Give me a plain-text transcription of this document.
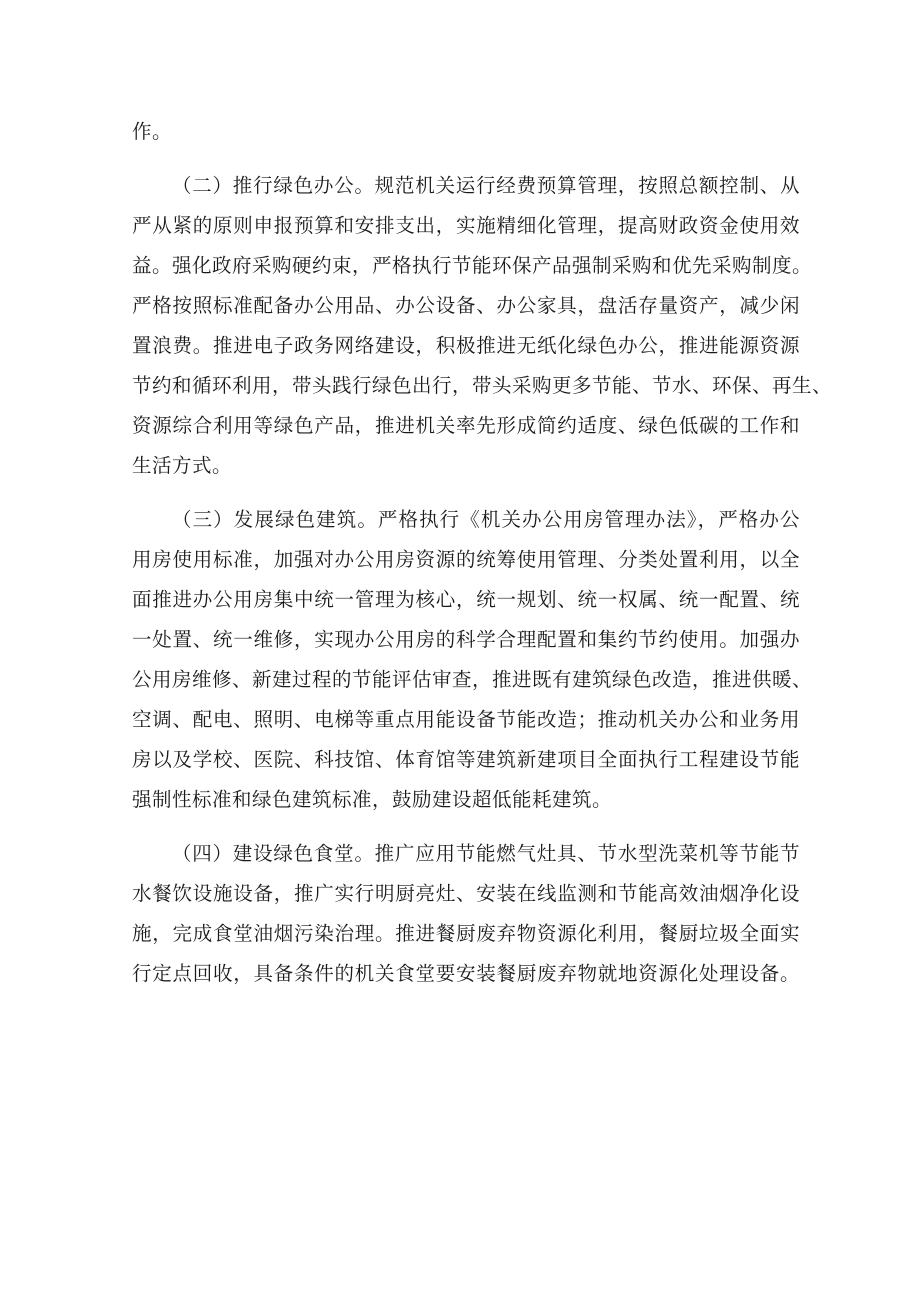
作。
（二）推行绿色办公。规范机关运行经费预算管理，按照总额控制、从
严从紧的原则申报预算和安排支出，实施精细化管理，提高财政资金使用效
益。强化政府采购硬约束，严格执行节能环保产品强制采购和优先采购制度。
严格按照标准配备办公用品、办公设备、办公家具，盘活存量资产，减少闲
置浪费。推进电子政务网络建设，积极推进无纸化绿色办公，推进能源资源
节约和循环利用，带头践行绿色出行，带头采购更多节能、节水、环保、再生、
资源综合利用等绿色产品，推进机关率先形成简约适度、绿色低碳的工作和
生活方式。
（三）发展绿色建筑。严格执行《机关办公用房管理办法》，严格办公
用房使用标准，加强对办公用房资源的统筹使用管理、分类处置利用，以全
面推进办公用房集中统一管理为核心，统一规划、统一权属、统一配置、统
一处置、统一维修，实现办公用房的科学合理配置和集约节约使用。加强办
公用房维修、新建过程的节能评估审查，推进既有建筑绿色改造，推进供暖、
空调、配电、照明、电梯等重点用能设备节能改造；推动机关办公和业务用
房以及学校、医院、科技馆、体育馆等建筑新建项目全面执行工程建设节能
强制性标准和绿色建筑标准，鼓励建设超低能耗建筑。
（四）建设绿色食堂。推广应用节能燃气灶具、节水型洗菜机等节能节
水餐饮设施设备，推广实行明厨亮灶、安装在线监测和节能高效油烟净化设
施，完成食堂油烟污染治理。推进餐厨废弃物资源化利用，餐厨垃圾全面实
行定点回收，具备条件的机关食堂要安装餐厨废弃物就地资源化处理设备。
